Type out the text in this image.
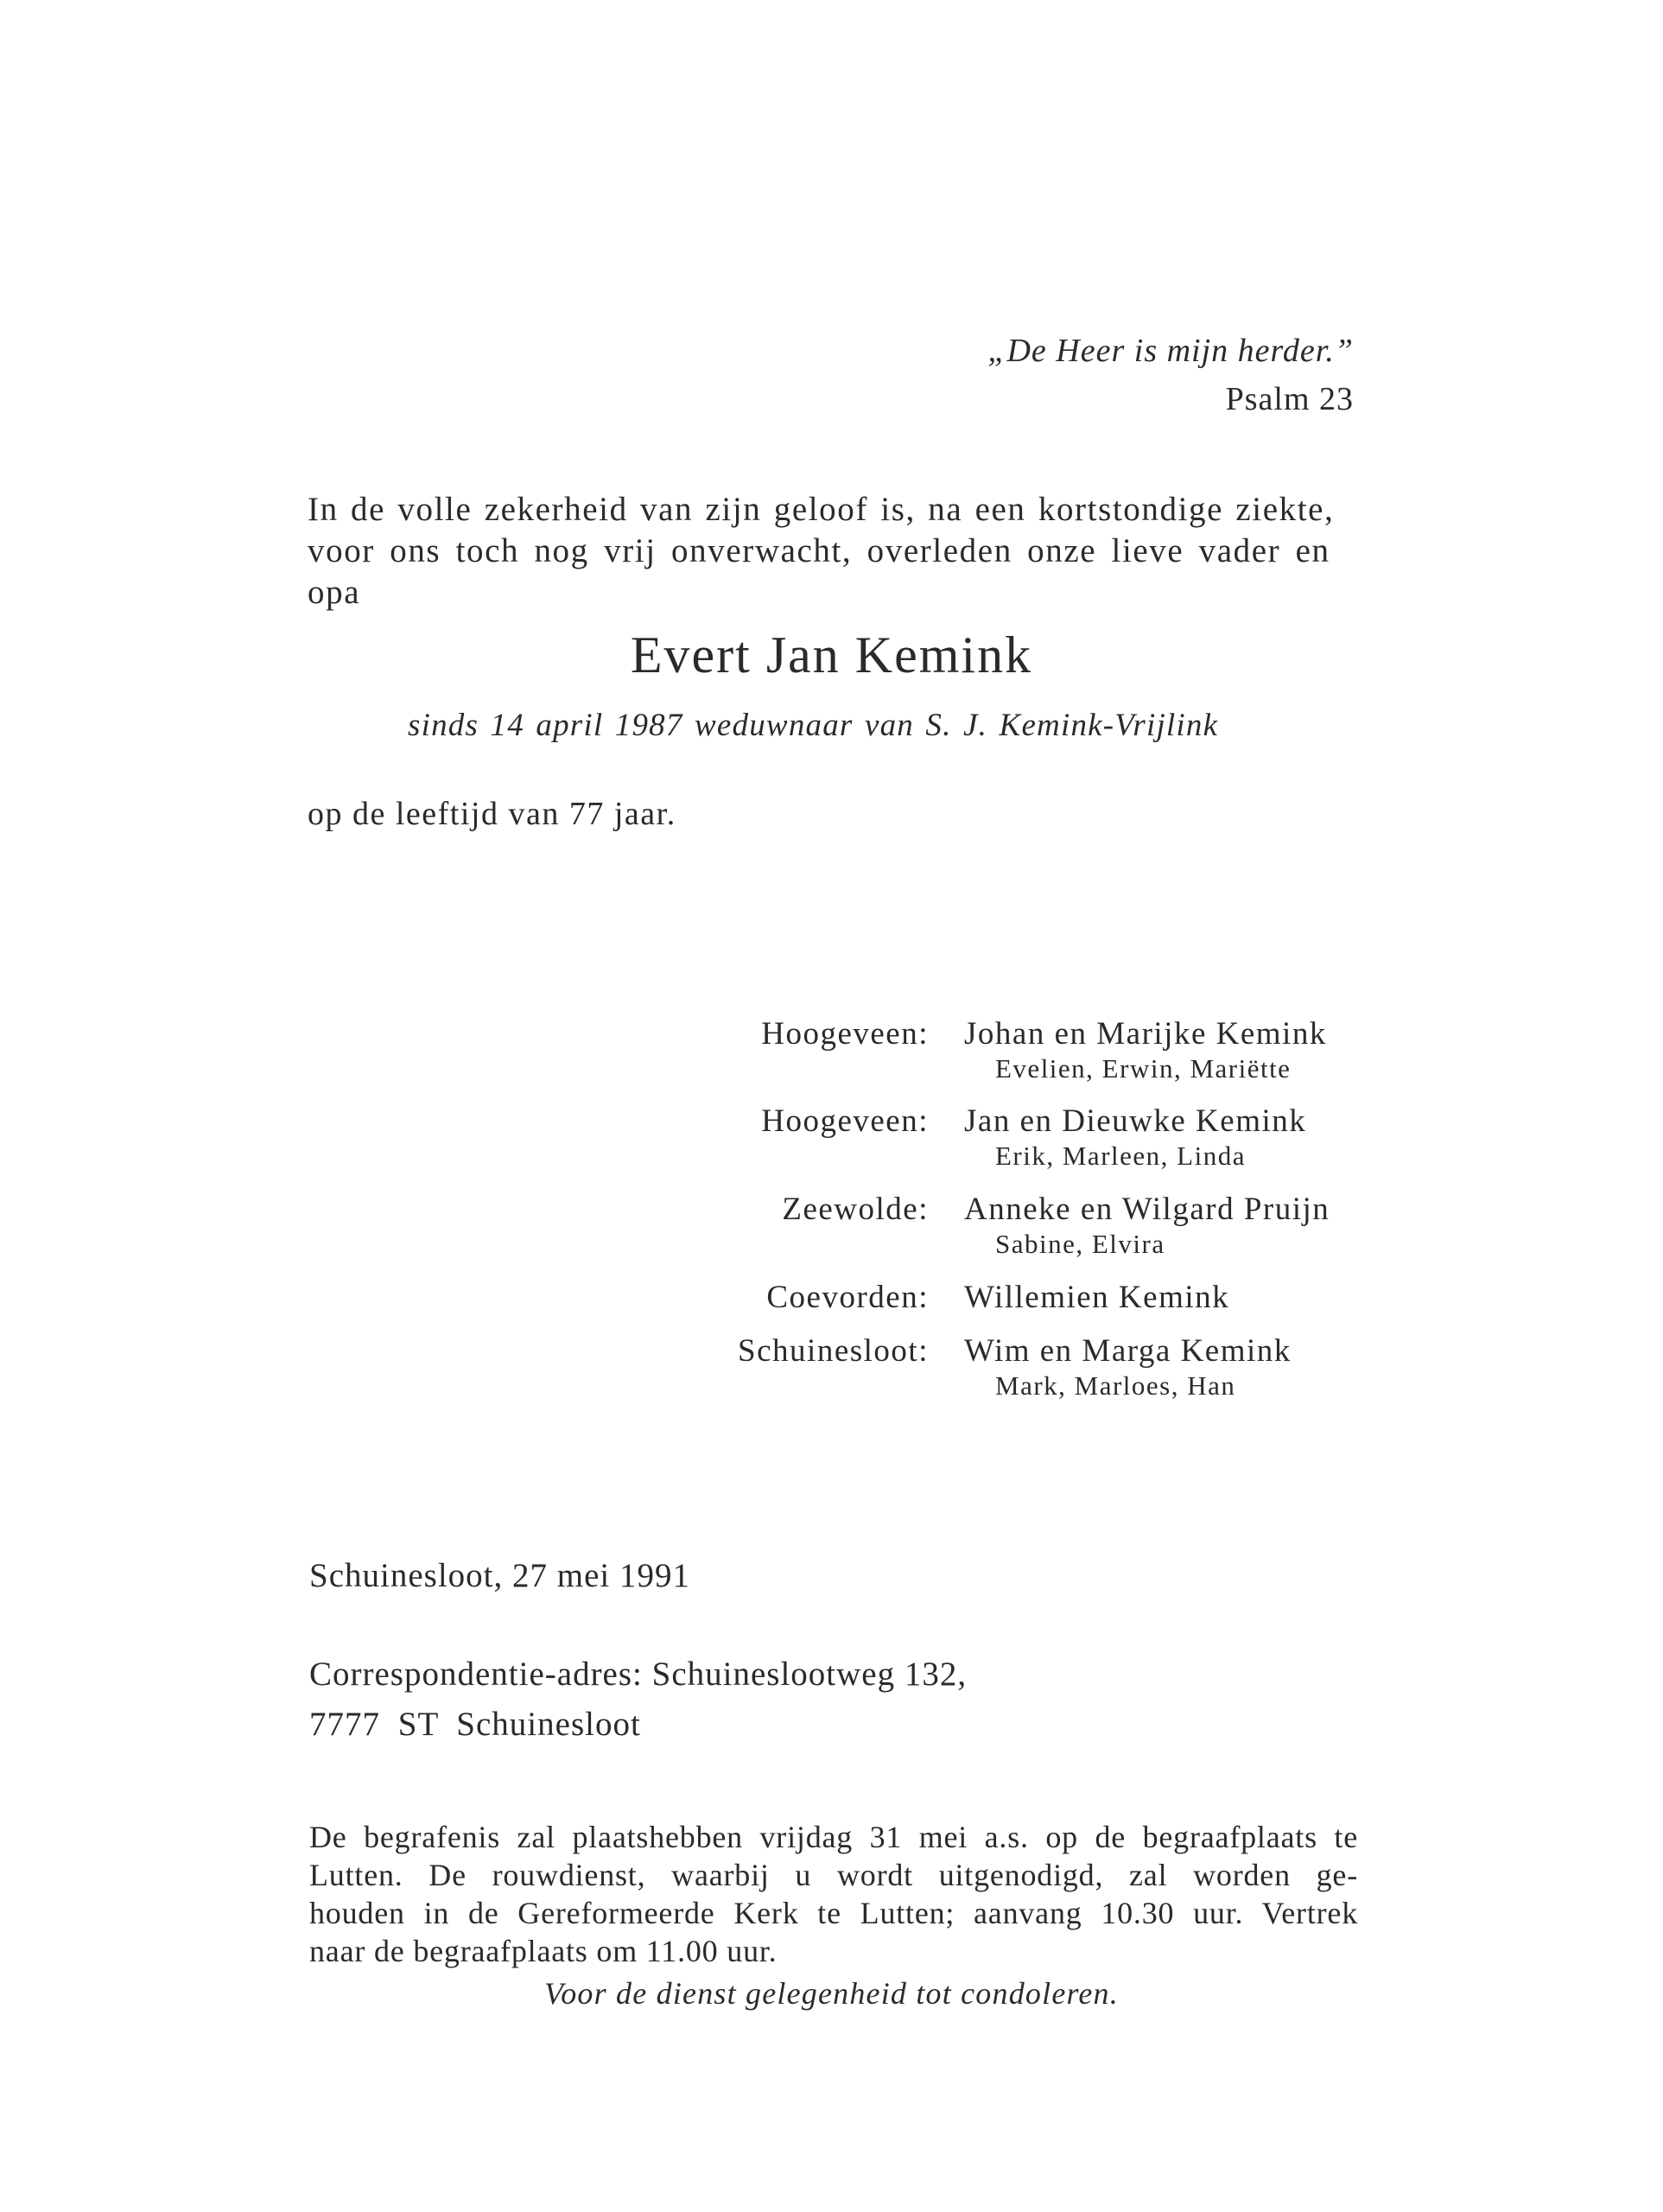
„De Heer is mijn herder.”
Psalm 23
In de volle zekerheid van zijn geloof is, na een kortstondige ziekte,
voor ons toch nog vrij onverwacht, overleden onze lieve vader en
opa
Evert Jan Kemink
sinds 14 april 1987 weduwnaar van S. J. Kemink-Vrijlink
op de leeftijd van 77 jaar.
Hoogeveen: Johan en Marijke Kemink
Evelien, Erwin, Mariëtte
Hoogeveen: Jan en Dieuwke Kemink
Erik, Marleen, Linda
Zeewolde: Anneke en Wilgard Pruijn
Sabine, Elvira
Coevorden: Willemien Kemink
Schuinesloot: Wim en Marga Kemink
Mark, Marloes, Han
Schuinesloot, 27 mei 1991
Correspondentie-adres: Schuineslootweg 132,
7777 ST Schuinesloot
De begrafenis zal plaatshebben vrijdag 31 mei a.s. op de begraafplaats te
Lutten. De rouwdienst, waarbij u wordt uitgenodigd, zal worden ge-
houden in de Gereformeerde Kerk te Lutten; aanvang 10.30 uur. Vertrek
naar de begraafplaats om 11.00 uur.
Voor de dienst gelegenheid tot condoleren.
